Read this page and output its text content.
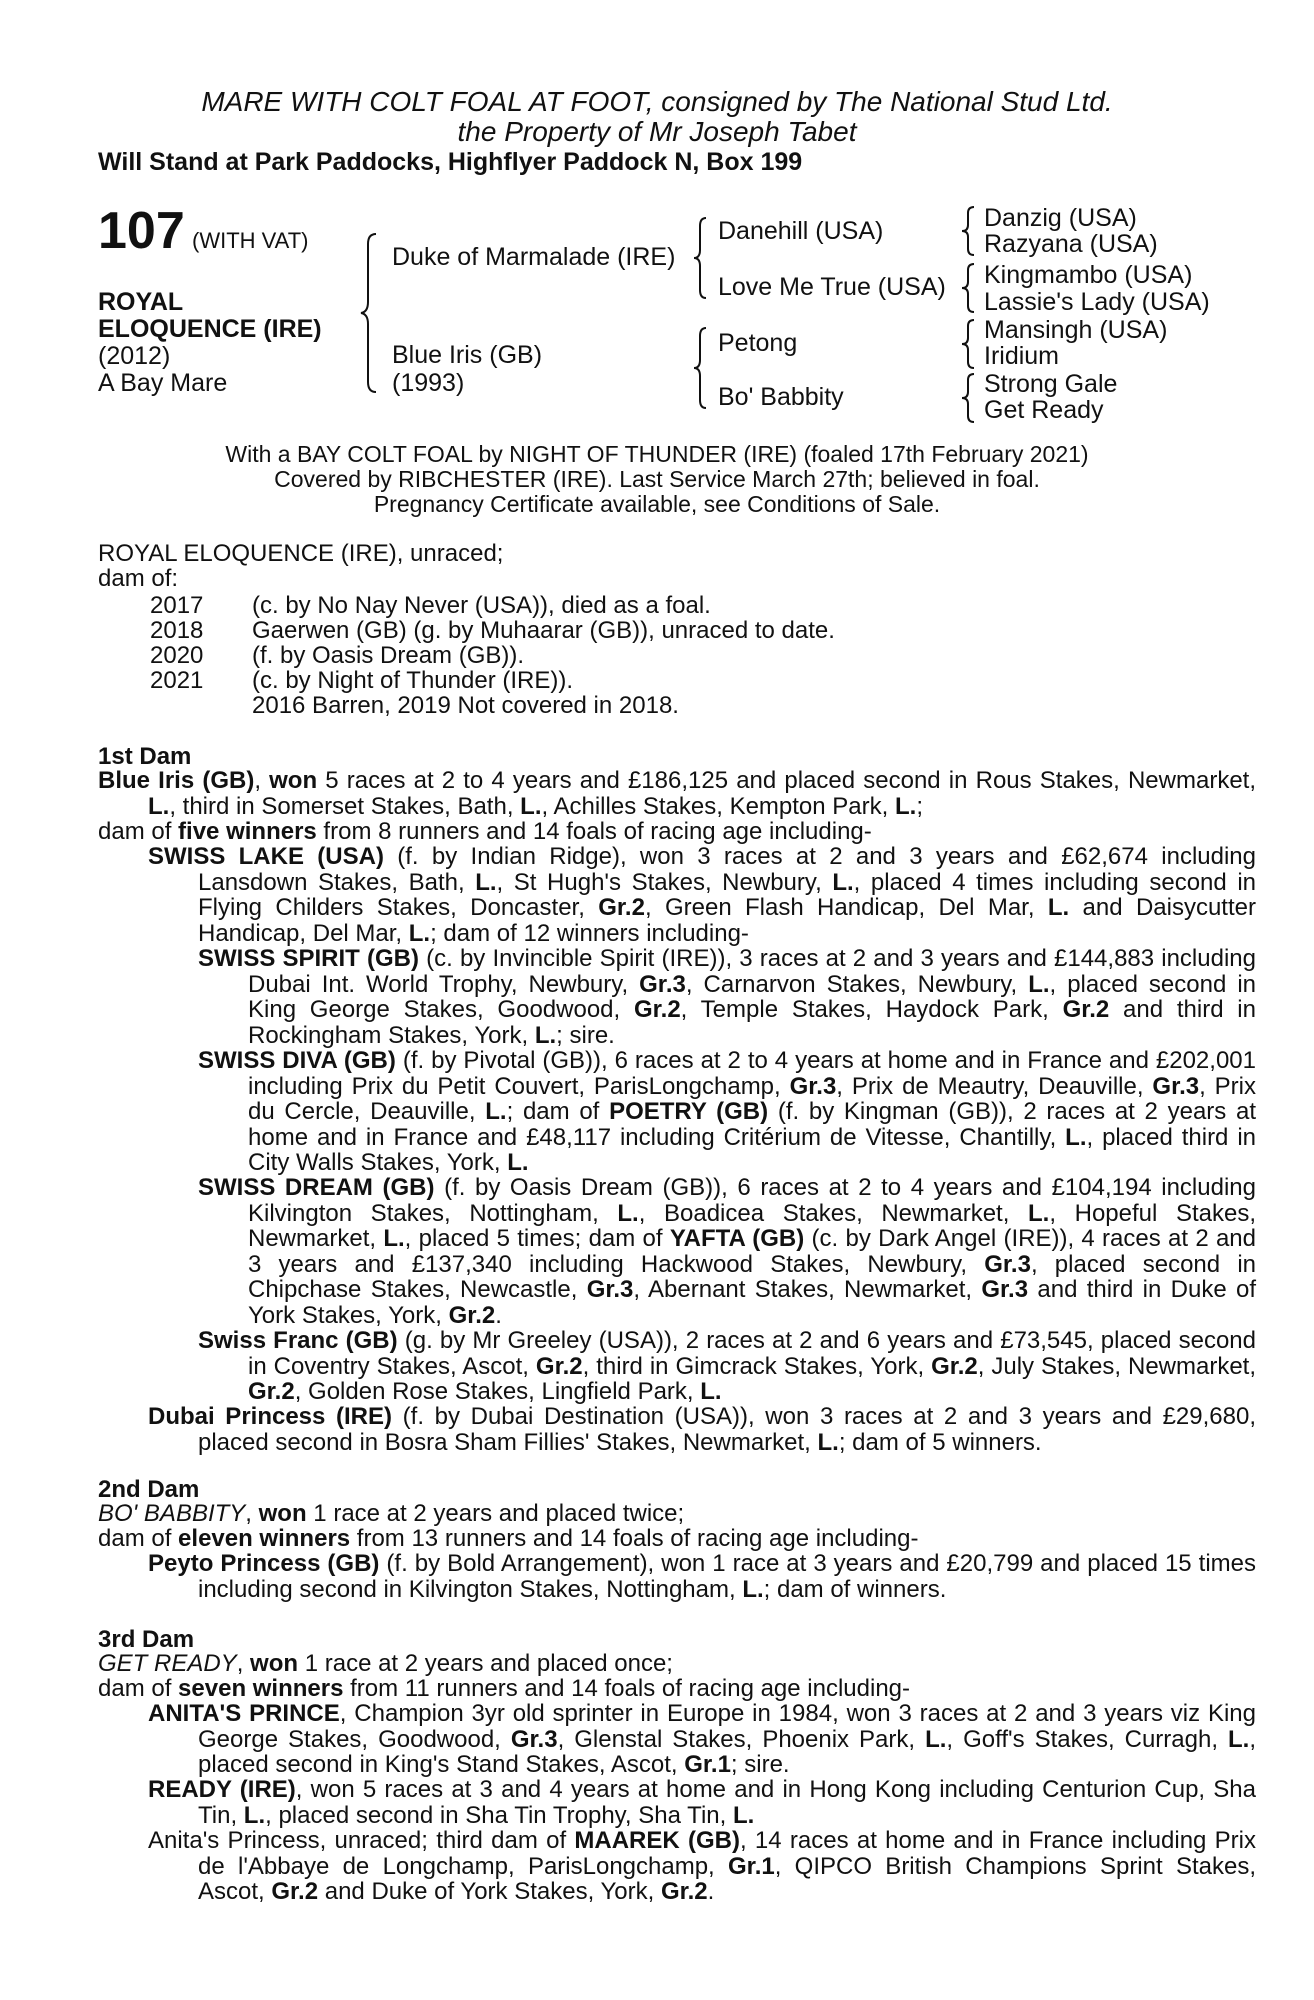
MARE WITH COLT FOAL AT FOOT, consigned by The National Stud Ltd.
the Property of Mr Joseph Tabet
Will Stand at Park Paddocks, Highflyer Paddock N, Box 199
107 (WITH VAT)
ROYAL
ELOQUENCE (IRE)
(2012)
A Bay Mare
Duke of Marmalade (IRE)
Blue Iris (GB)
(1993)
Danehill (USA)
Love Me True (USA)
Petong
Bo' Babbity
Danzig (USA)
Razyana (USA)
Kingmambo (USA)
Lassie's Lady (USA)
Mansingh (USA)
Iridium
Strong Gale
Get Ready
With a BAY COLT FOAL by NIGHT OF THUNDER (IRE) (foaled 17th February 2021)
Covered by RIBCHESTER (IRE). Last Service March 27th; believed in foal.
Pregnancy Certificate available, see Conditions of Sale.
ROYAL ELOQUENCE (IRE), unraced;
dam of:
2017 (c. by No Nay Never (USA)), died as a foal.
2018 Gaerwen (GB) (g. by Muhaarar (GB)), unraced to date.
2020 (f. by Oasis Dream (GB)).
2021 (c. by Night of Thunder (IRE)).
2016 Barren, 2019 Not covered in 2018.
1st Dam
Blue Iris (GB), won 5 races at 2 to 4 years and £186,125 and placed second in Rous Stakes, Newmarket, L., third in Somerset Stakes, Bath, L., Achilles Stakes, Kempton Park, L.;
dam of five winners from 8 runners and 14 foals of racing age including-
SWISS LAKE (USA) (f. by Indian Ridge), won 3 races at 2 and 3 years and £62,674 including Lansdown Stakes, Bath, L., St Hugh's Stakes, Newbury, L., placed 4 times including second in Flying Childers Stakes, Doncaster, Gr.2, Green Flash Handicap, Del Mar, L. and Daisycutter Handicap, Del Mar, L.; dam of 12 winners including-
SWISS SPIRIT (GB) (c. by Invincible Spirit (IRE)), 3 races at 2 and 3 years and £144,883 including Dubai Int. World Trophy, Newbury, Gr.3, Carnarvon Stakes, Newbury, L., placed second in King George Stakes, Goodwood, Gr.2, Temple Stakes, Haydock Park, Gr.2 and third in Rockingham Stakes, York, L.; sire.
SWISS DIVA (GB) (f. by Pivotal (GB)), 6 races at 2 to 4 years at home and in France and £202,001 including Prix du Petit Couvert, ParisLongchamp, Gr.3, Prix de Meautry, Deauville, Gr.3, Prix du Cercle, Deauville, L.; dam of POETRY (GB) (f. by Kingman (GB)), 2 races at 2 years at home and in France and £48,117 including Critérium de Vitesse, Chantilly, L., placed third in City Walls Stakes, York, L.
SWISS DREAM (GB) (f. by Oasis Dream (GB)), 6 races at 2 to 4 years and £104,194 including Kilvington Stakes, Nottingham, L., Boadicea Stakes, Newmarket, L., Hopeful Stakes, Newmarket, L., placed 5 times; dam of YAFTA (GB) (c. by Dark Angel (IRE)), 4 races at 2 and 3 years and £137,340 including Hackwood Stakes, Newbury, Gr.3, placed second in Chipchase Stakes, Newcastle, Gr.3, Abernant Stakes, Newmarket, Gr.3 and third in Duke of York Stakes, York, Gr.2.
Swiss Franc (GB) (g. by Mr Greeley (USA)), 2 races at 2 and 6 years and £73,545, placed second in Coventry Stakes, Ascot, Gr.2, third in Gimcrack Stakes, York, Gr.2, July Stakes, Newmarket, Gr.2, Golden Rose Stakes, Lingfield Park, L.
Dubai Princess (IRE) (f. by Dubai Destination (USA)), won 3 races at 2 and 3 years and £29,680, placed second in Bosra Sham Fillies' Stakes, Newmarket, L.; dam of 5 winners.
2nd Dam
BO' BABBITY, won 1 race at 2 years and placed twice;
dam of eleven winners from 13 runners and 14 foals of racing age including-
Peyto Princess (GB) (f. by Bold Arrangement), won 1 race at 3 years and £20,799 and placed 15 times including second in Kilvington Stakes, Nottingham, L.; dam of winners.
3rd Dam
GET READY, won 1 race at 2 years and placed once;
dam of seven winners from 11 runners and 14 foals of racing age including-
ANITA'S PRINCE, Champion 3yr old sprinter in Europe in 1984, won 3 races at 2 and 3 years viz King George Stakes, Goodwood, Gr.3, Glenstal Stakes, Phoenix Park, L., Goff's Stakes, Curragh, L., placed second in King's Stand Stakes, Ascot, Gr.1; sire.
READY (IRE), won 5 races at 3 and 4 years at home and in Hong Kong including Centurion Cup, Sha Tin, L., placed second in Sha Tin Trophy, Sha Tin, L.
Anita's Princess, unraced; third dam of MAAREK (GB), 14 races at home and in France including Prix de l'Abbaye de Longchamp, ParisLongchamp, Gr.1, QIPCO British Champions Sprint Stakes, Ascot, Gr.2 and Duke of York Stakes, York, Gr.2.
